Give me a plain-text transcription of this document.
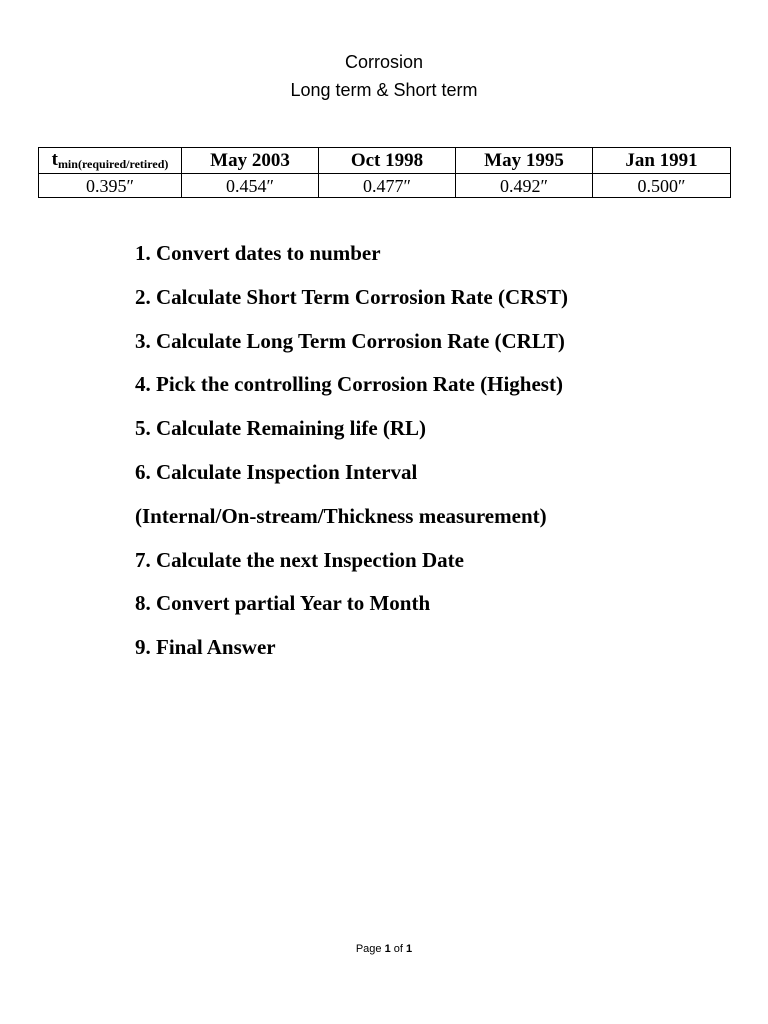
Corrosion
Long term & Short term
tmin(required/retired)	May 2003	Oct 1998	May 1995	Jan 1991
0.395″	0.454″	0.477″	0.492″	0.500″
1. Convert dates to number
2. Calculate Short Term Corrosion Rate (CRST)
3. Calculate Long Term Corrosion Rate (CRLT)
4. Pick the controlling Corrosion Rate (Highest)
5. Calculate Remaining life (RL)
6. Calculate Inspection Interval
(Internal/On-stream/Thickness measurement)
7. Calculate the next Inspection Date
8. Convert partial Year to Month
9. Final Answer
Page 1 of 1
